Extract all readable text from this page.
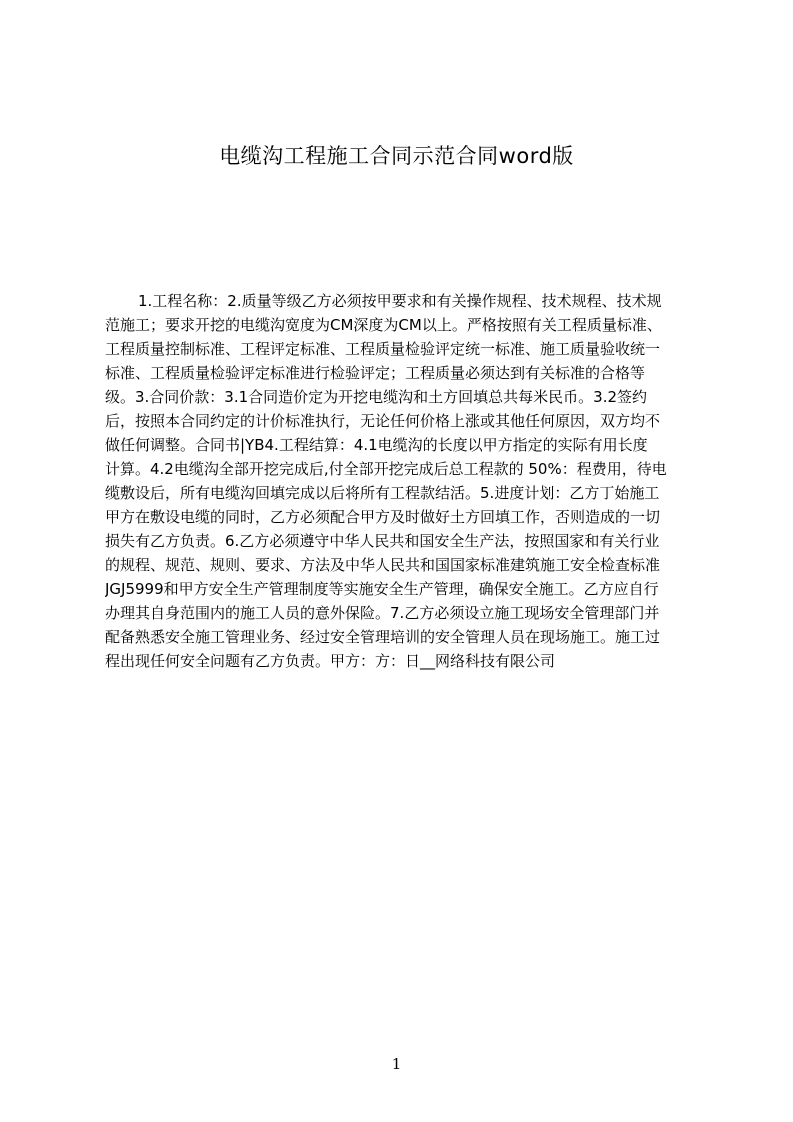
电缆沟工程施工合同示范合同word版
1.工程名称：2.质量等级乙方必须按甲要求和有关操作规程、技术规程、技术规
范施工；要求开挖的电缆沟宽度为CM深度为CM以上。严格按照有关工程质量标准、
工程质量控制标准、工程评定标准、工程质量检验评定统一标准、施工质量验收统一
标准、工程质量检验评定标准进行检验评定；工程质量必须达到有关标准的合格等
级。3.合同价款：3.1合同造价定为开挖电缆沟和土方回填总共每米民币。3.2签约
后，按照本合同约定的计价标准执行，无论任何价格上涨或其他任何原因，双方均不
做任何调整。合同书|YB4.工程结算：4.1电缆沟的长度以甲方指定的实际有用长度
计算。4.2电缆沟全部开挖完成后,付全部开挖完成后总工程款的 50%：程费用，待电
缆敷设后，所有电缆沟回填完成以后将所有工程款结活。5.进度计划：乙方丁始施工
甲方在敷设电缆的同时，乙方必须配合甲方及时做好土方回填工作，否则造成的一切
损失有乙方负责。6.乙方必须遵守中华人民共和国安全生产法，按照国家和有关行业
的规程、规范、规则、要求、方法及中华人民共和国国家标准建筑施工安全检查标准
JGJ5999和甲方安全生产管理制度等实施安全生产管理，确保安全施工。乙方应自行
办理其自身范围内的施工人员的意外保险。7.乙方必须设立施工现场安全管理部门并
配备熟悉安全施工管理业务、经过安全管理培训的安全管理人员在现场施工。施工过
程出现任何安全问题有乙方负责。甲方：方：日__网络科技有限公司
1
